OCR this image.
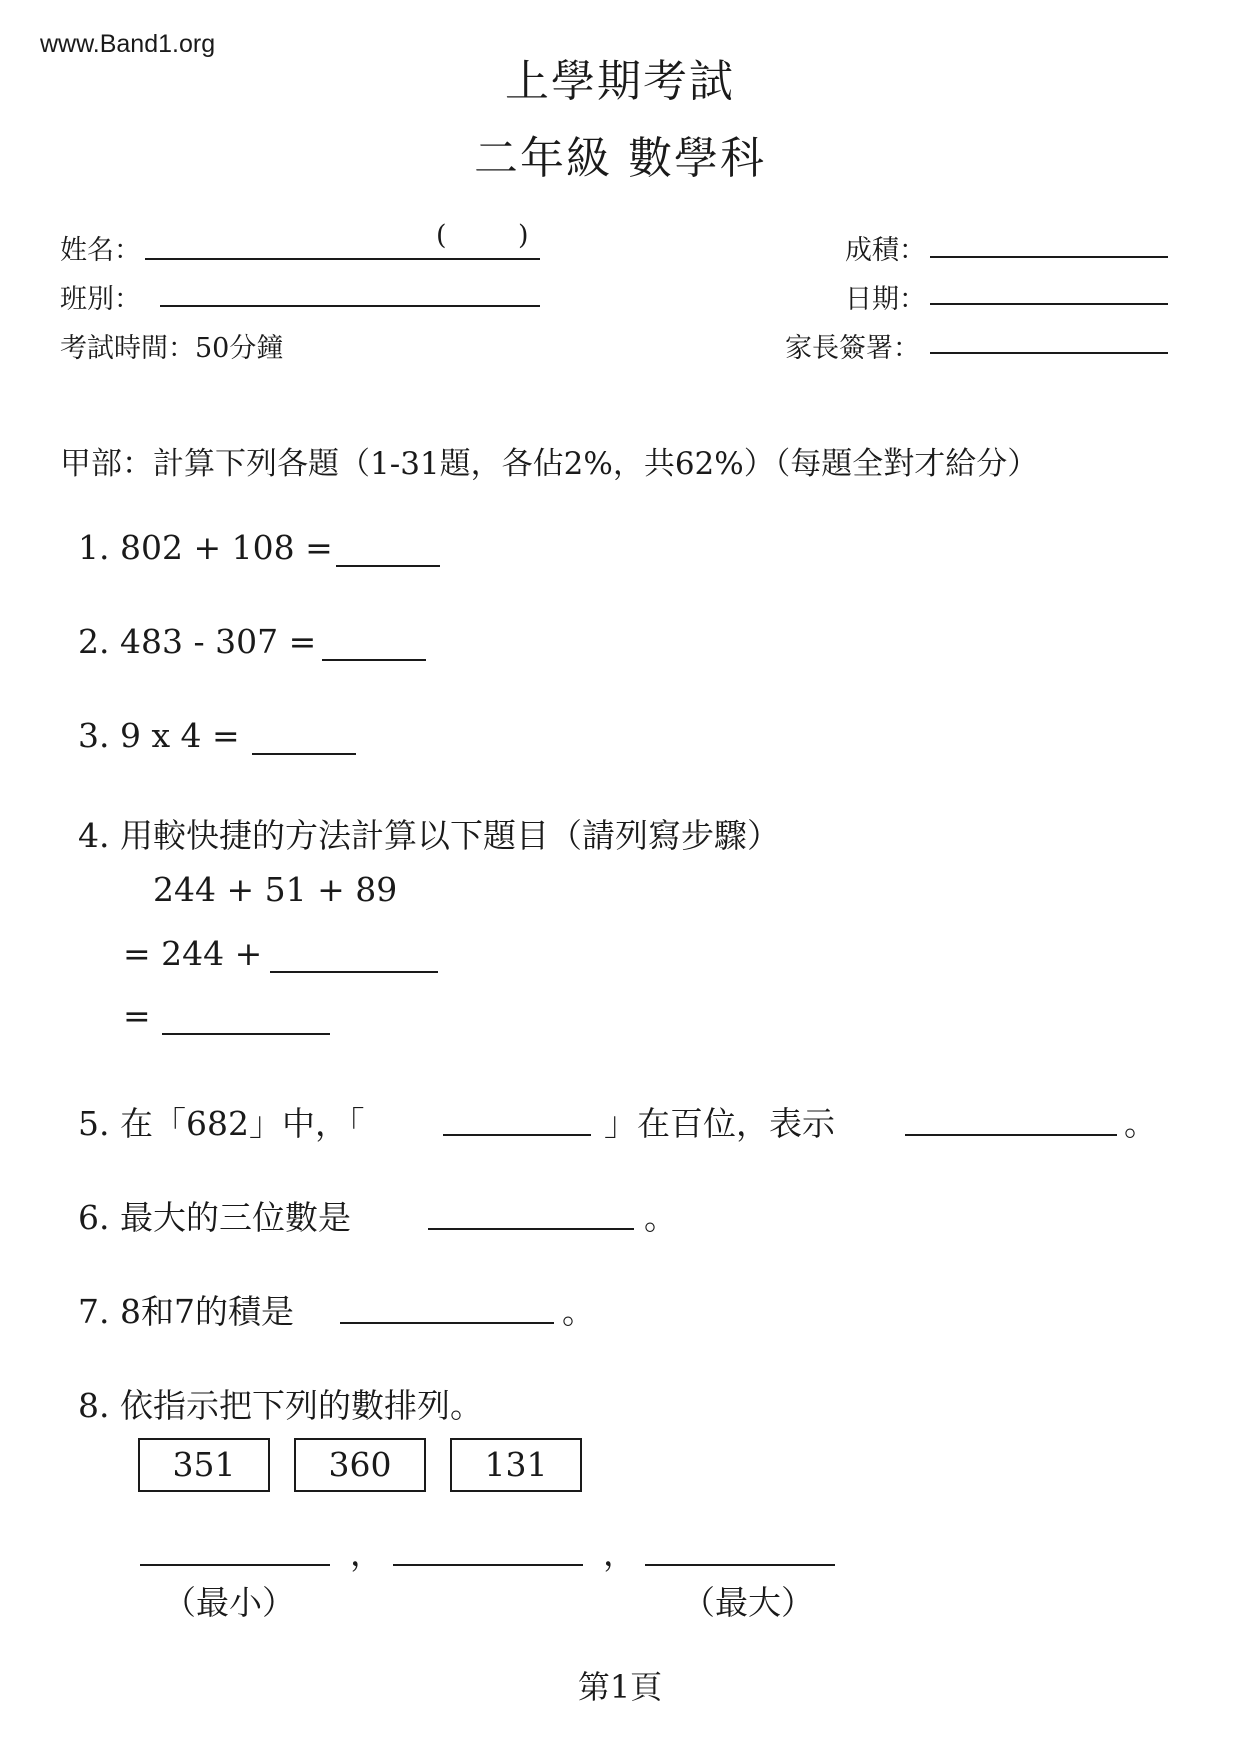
www.Band1.org
上學期考試
二年級 數學科
姓名：	(	)
班別：
考試時間：50分鐘
成積：
日期：
家長簽署：
甲部：計算下列各題（1-31題，各佔2%，共62%）（每題全對才給分）
1. 802 + 108 =
2. 483 - 307 =
3. 9 x 4 =
4. 用較快捷的方法計算以下題目（請列寫步驟）
244 + 51 + 89
= 244 +
=
5. 在「682」中，「	」在百位，表示	。
6. 最大的三位數是	。
7. 8和7的積是	。
8. 依指示把下列的數排列。
351	360	131
，	，
（最小）	（最大）
第1頁
